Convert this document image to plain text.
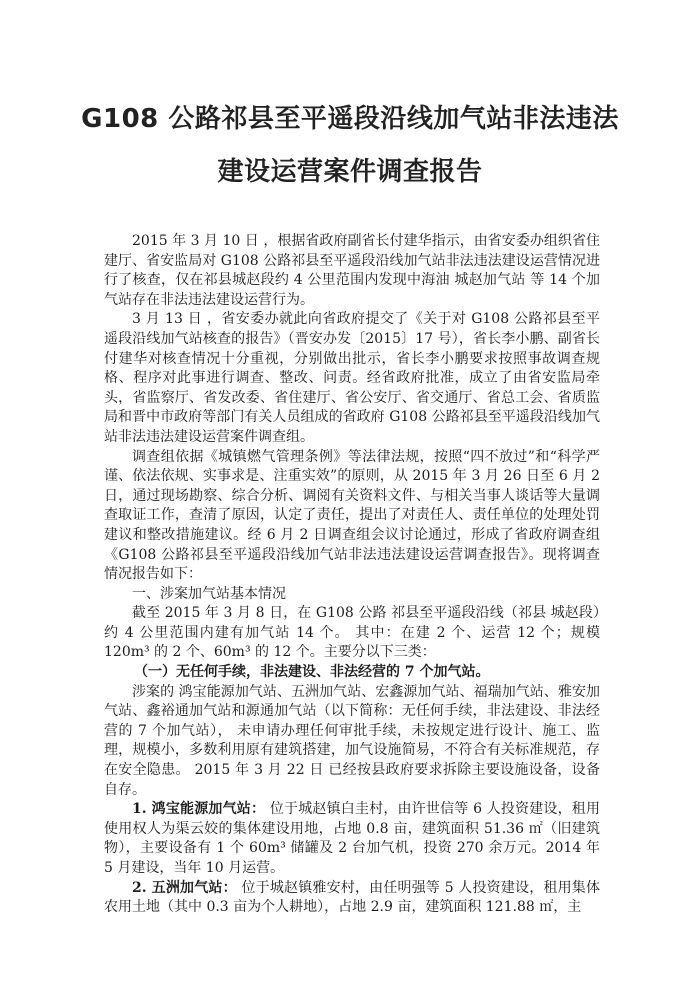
G108 公路祁县至平遥段沿线加气站非法违法
建设运营案件调查报告

2015 年 3 月 10 日 ，根据省政府副省长付建华指示，由省安委办组织省住建厅、省安监局对 G108 公路祁县至平遥段沿线加气站非法违法建设运营情况进行了核查，仅在祁县城赵段约 4 公里范围内发现中海油 城赵加气站 等 14 个加气站存在非法违法建设运营行为。

3 月 13 日 ，省安委办就此向省政府提交了《关于对 G108 公路祁县至平遥段沿线加气站核查的报告》（晋安办发〔2015〕17 号），省长李小鹏、副省长付建华对核查情况十分重视，分别做出批示，省长李小鹏要求按照事故调查规格、程序对此事进行调查、整改、问责。经省政府批准，成立了由省安监局牵头，省监察厅、省发改委、省住建厅、省公安厅、省交通厅、省总工会、省质监局和晋中市政府等部门有关人员组成的省政府 G108 公路祁县至平遥段沿线加气站非法违法建设运营案件调查组。

调查组依据《城镇燃气管理条例》等法律法规，按照“四不放过”和“科学严谨、依法依规、实事求是、注重实效”的原则，从 2015 年 3 月 26 日至 6 月 2 日，通过现场勘察、综合分析、调阅有关资料文件、与相关当事人谈话等大量调查取证工作，查清了原因，认定了责任，提出了对责任人、责任单位的处理处罚建议和整改措施建议。经 6 月 2 日调查组会议讨论通过，形成了省政府调查组《G108 公路祁县至平遥段沿线加气站非法违法建设运营调查报告》。现将调查情况报告如下：

一、涉案加气站基本情况

截至 2015 年 3 月 8 日，在 G108 公路 祁县至平遥段沿线（祁县 城赵段）约 4 公里范围内建有加气站 14 个。 其中：在建 2 个、运营 12 个；规模 120m³ 的 2 个、60m³ 的 12 个。主要分以下三类：

（一）无任何手续，非法建设、非法经营的 7 个加气站。

涉案的 鸿宝能源加气站、五洲加气站、宏鑫源加气站、福瑞加气站、雅安加气站、鑫裕通加气站和源通加气站（以下简称：无任何手续，非法建设、非法经营的 7 个加气站）， 未申请办理任何审批手续，未按规定进行设计、施工、监理，规模小，多数利用原有建筑搭建，加气设施简易，不符合有关标准规范，存在安全隐患。 2015 年 3 月 22 日 已经按县政府要求拆除主要设施设备，设备自存。

1. 鸿宝能源加气站： 位于城赵镇白圭村，由许世信等 6 人投资建设，租用使用权人为渠云姣的集体建设用地，占地 0.8 亩，建筑面积 51.36 ㎡（旧建筑物），主要设备有 1 个 60m³ 储罐及 2 台加气机，投资 270 余万元。2014 年 5 月建设，当年 10 月运营。

2. 五洲加气站： 位于城赵镇雅安村，由任明强等 5 人投资建设，租用集体农用土地（其中 0.3 亩为个人耕地），占地 2.9 亩，建筑面积 121.88 ㎡，主
